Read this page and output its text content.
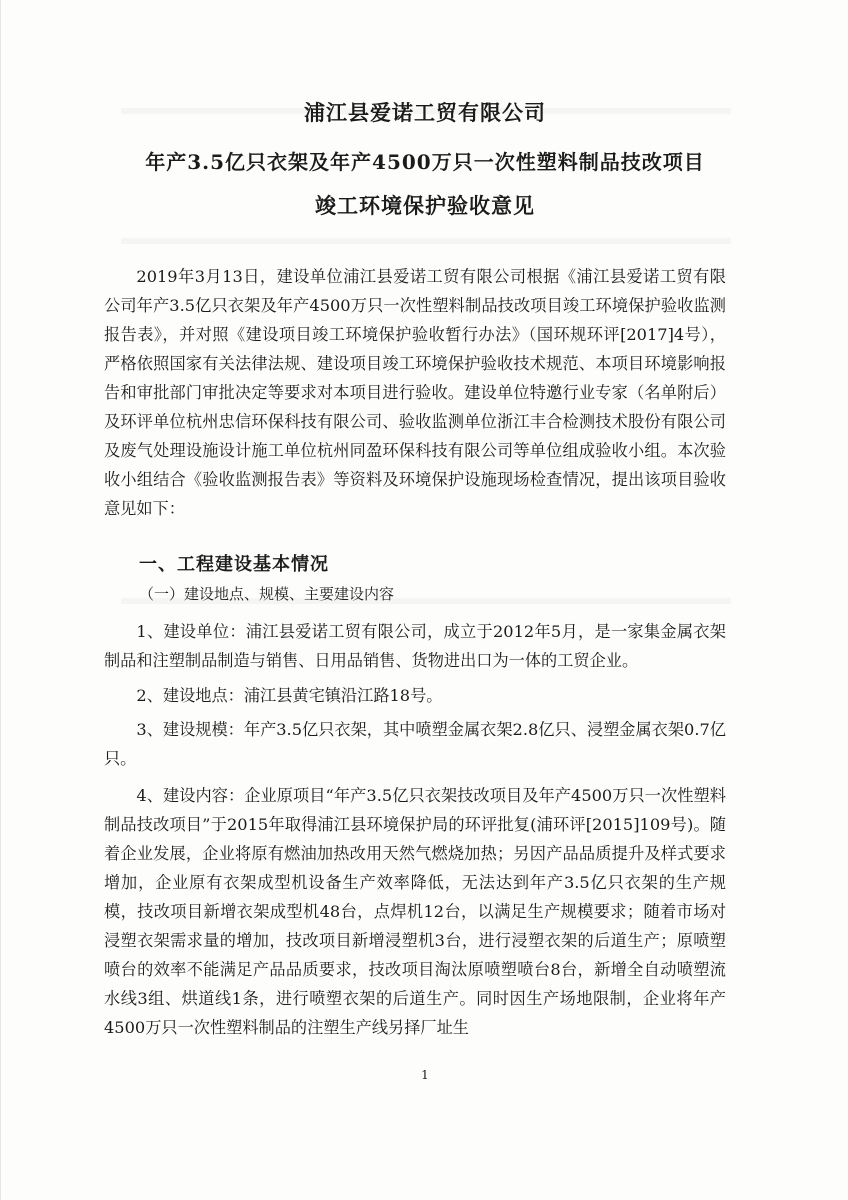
浦江县爱诺工贸有限公司
年产3.5亿只衣架及年产4500万只一次性塑料制品技改项目
竣工环境保护验收意见

2019年3月13日，建设单位浦江县爱诺工贸有限公司根据《浦江县爱诺工贸有限公司年产3.5亿只衣架及年产4500万只一次性塑料制品技改项目竣工环境保护验收监测报告表》，并对照《建设项目竣工环境保护验收暂行办法》（国环规环评[2017]4号），严格依照国家有关法律法规、建设项目竣工环境保护验收技术规范、本项目环境影响报告和审批部门审批决定等要求对本项目进行验收。建设单位特邀行业专家（名单附后）及环评单位杭州忠信环保科技有限公司、验收监测单位浙江丰合检测技术股份有限公司及废气处理设施设计施工单位杭州同盈环保科技有限公司等单位组成验收小组。本次验收小组结合《验收监测报告表》等资料及环境保护设施现场检查情况，提出该项目验收意见如下：

一、工程建设基本情况

（一）建设地点、规模、主要建设内容

1、建设单位：浦江县爱诺工贸有限公司，成立于2012年5月，是一家集金属衣架制品和注塑制品制造与销售、日用品销售、货物进出口为一体的工贸企业。

2、建设地点：浦江县黄宅镇沿江路18号。

3、建设规模：年产3.5亿只衣架，其中喷塑金属衣架2.8亿只、浸塑金属衣架0.7亿只。

4、建设内容：企业原项目“年产3.5亿只衣架技改项目及年产4500万只一次性塑料制品技改项目”于2015年取得浦江县环境保护局的环评批复(浦环评[2015]109号)。随着企业发展，企业将原有燃油加热改用天然气燃烧加热；另因产品品质提升及样式要求增加，企业原有衣架成型机设备生产效率降低，无法达到年产3.5亿只衣架的生产规模，技改项目新增衣架成型机48台，点焊机12台，以满足生产规模要求；随着市场对浸塑衣架需求量的增加，技改项目新增浸塑机3台，进行浸塑衣架的后道生产；原喷塑喷台的效率不能满足产品品质要求，技改项目淘汰原喷塑喷台8台，新增全自动喷塑流水线3组、烘道线1条，进行喷塑衣架的后道生产。同时因生产场地限制，企业将年产4500万只一次性塑料制品的注塑生产线另择厂址生

1
